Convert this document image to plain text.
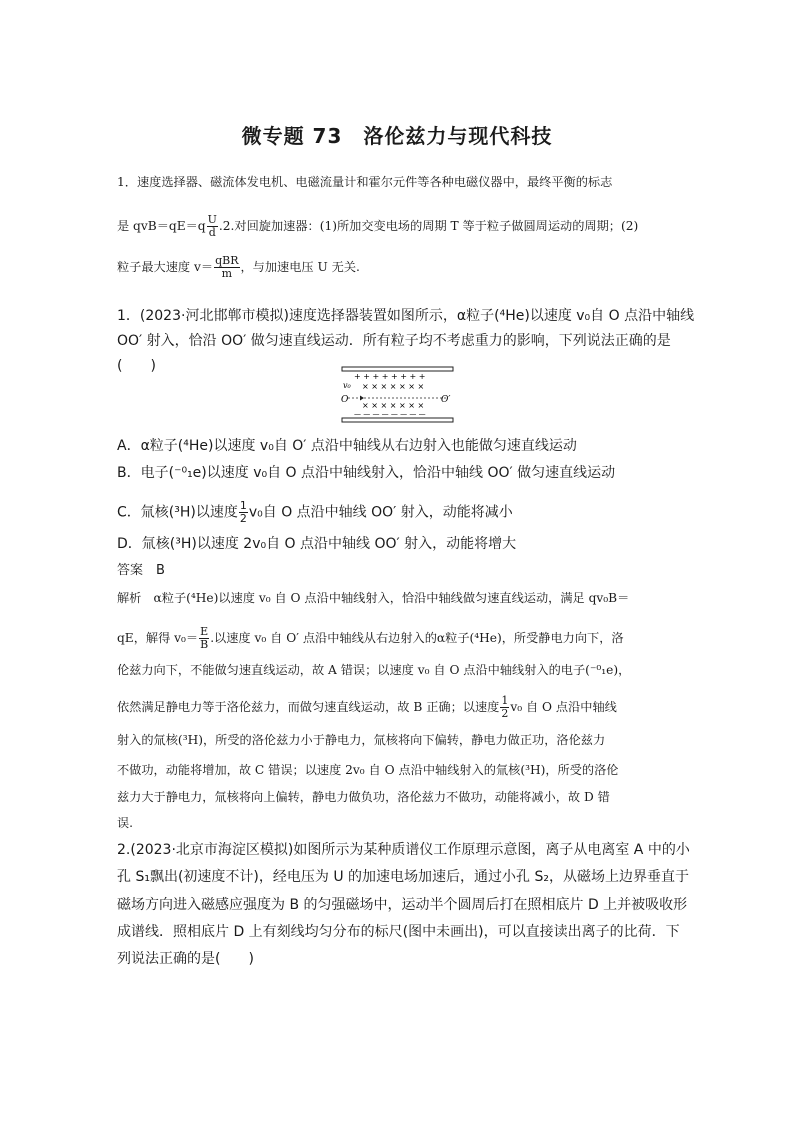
微专题 73　洛伦兹力与现代科技
1．速度选择器、磁流体发电机、电磁流量计和霍尔元件等各种电磁仪器中，最终平衡的标志
是 $qvB=qE=q \frac{U}{d} .2$.对回旋加速器：(1)所加交变电场的周期 T 等于粒子做圆周运动的周期；(2)
粒子最大速度 $v= \frac{\text{qBR}}{m}$ ，与加速电压 U 无关.
1．(2023·河北邯郸市模拟)速度选择器装置如图所示，α粒子(⁴He)以速度 v₀自 O 点沿中轴线
OO′ 射入，恰沿 OO′ 做匀速直线运动．所有粒子均不考虑重力的影响，下列说法正确的是
(　　)
+ + + + + + + +
— — — — — — — —
× × × × × × ×
× × × × × × ×
v₀
O	O′
A．α粒子(⁴He)以速度 v₀自 O′ 点沿中轴线从右边射入也能做匀速直线运动
B．电子(⁻⁰₁e)以速度 v₀自 O 点沿中轴线射入，恰沿中轴线 OO′ 做匀速直线运动
C．氚核(³H)以速度 $\frac{1}{2} v_0$自 O 点沿中轴线 OO′ 射入，动能将减小
D．氚核(³H)以速度 2v₀自 O 点沿中轴线 OO′ 射入，动能将增大
答案　B
解析　α粒子(⁴He)以速度 v₀ 自 O 点沿中轴线射入，恰沿中轴线做匀速直线运动，满足 qv₀B＝
qE，解得 $v_0= \frac{E}{B}$ .以速度 v₀ 自 O′ 点沿中轴线从右边射入的α粒子(⁴He)，所受静电力向下，洛
伦兹力向下，不能做匀速直线运动，故 A 错误；以速度 v₀ 自 O 点沿中轴线射入的电子(⁻⁰₁e)，
依然满足静电力等于洛伦兹力，而做匀速直线运动，故 B 正确；以速度 $\frac{1}{2} v_0$ 自 O 点沿中轴线
射入的氚核(³H)，所受的洛伦兹力小于静电力，氚核将向下偏转，静电力做正功，洛伦兹力
不做功，动能将增加，故 C 错误；以速度 2v₀ 自 O 点沿中轴线射入的氚核(³H)，所受的洛伦
兹力大于静电力，氚核将向上偏转，静电力做负功，洛伦兹力不做功，动能将减小，故 D 错
误.
2.(2023·北京市海淀区模拟)如图所示为某种质谱仪工作原理示意图，离子从电离室 A 中的小
孔 S₁飘出(初速度不计)，经电压为 U 的加速电场加速后，通过小孔 S₂，从磁场上边界垂直于
磁场方向进入磁感应强度为 B 的匀强磁场中，运动半个圆周后打在照相底片 D 上并被吸收形
成谱线．照相底片 D 上有刻线均匀分布的标尺(图中未画出)，可以直接读出离子的比荷．下
列说法正确的是(　　)
